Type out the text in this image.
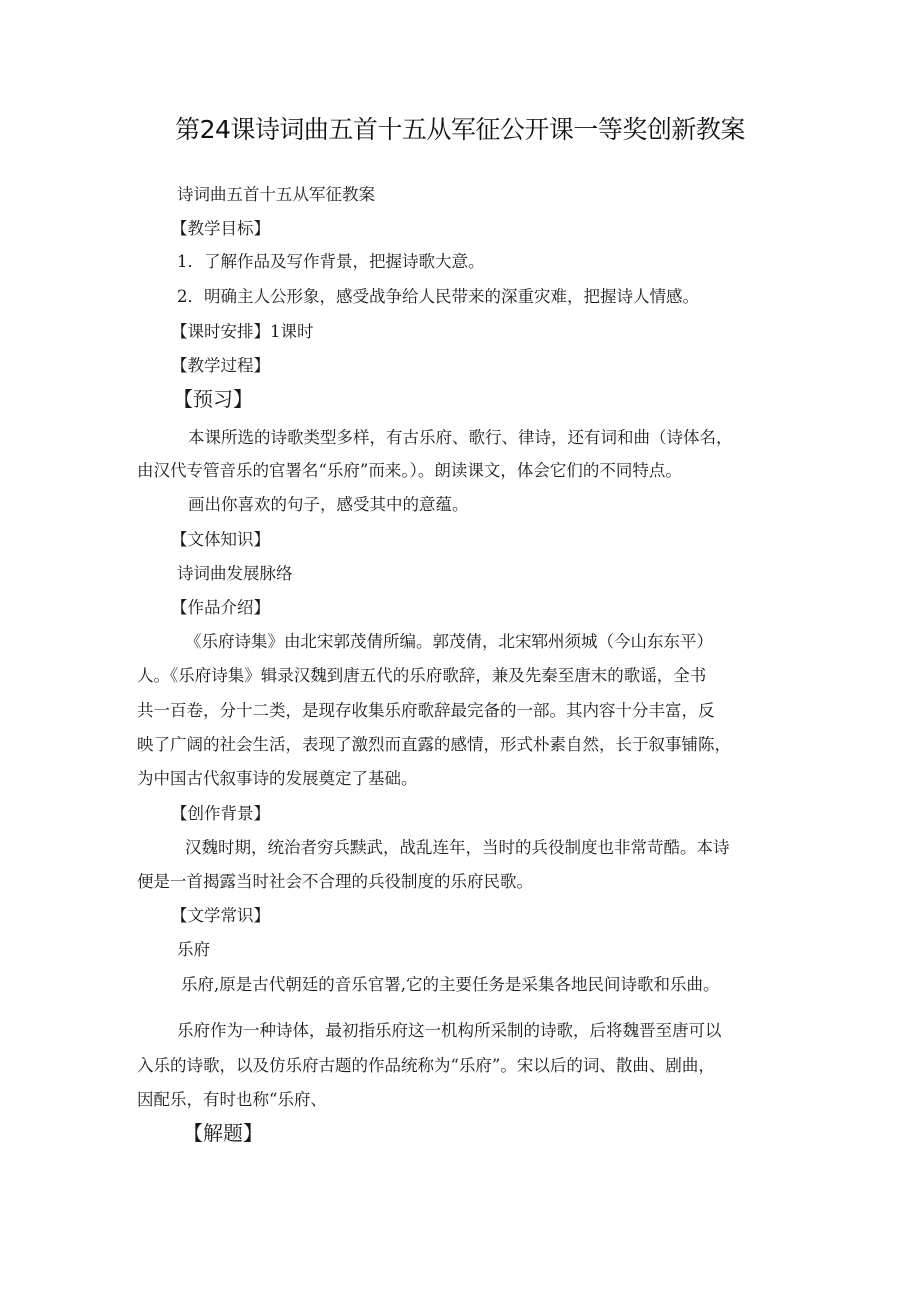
第24课诗词曲五首十五从军征公开课一等奖创新教案
诗词曲五首十五从军征教案
【教学目标】
1．了解作品及写作背景，把握诗歌大意。
2．明确主人公形象，感受战争给人民带来的深重灾难，把握诗人情感。
【课时安排】1课时
【教学过程】
【预习】
本课所选的诗歌类型多样，有古乐府、歌行、律诗，还有词和曲（诗体名，
由汉代专管音乐的官署名“乐府”而来。）。朗读课文，体会它们的不同特点。
画出你喜欢的句子，感受其中的意蕴。
【文体知识】
诗词曲发展脉络
【作品介绍】
《乐府诗集》由北宋郭茂倩所编。郭茂倩，北宋郓州须城（今山东东平）
人。《乐府诗集》辑录汉魏到唐五代的乐府歌辞，兼及先秦至唐末的歌谣，全书
共一百卷，分十二类，是现存收集乐府歌辞最完备的一部。其内容十分丰富，反
映了广阔的社会生活，表现了激烈而直露的感情，形式朴素自然，长于叙事铺陈，
为中国古代叙事诗的发展奠定了基础。
【创作背景】
汉魏时期，统治者穷兵黩武，战乱连年，当时的兵役制度也非常苛酷。本诗
便是一首揭露当时社会不合理的兵役制度的乐府民歌。
【文学常识】
乐府
乐府,原是古代朝廷的音乐官署,它的主要任务是采集各地民间诗歌和乐曲。
乐府作为一种诗体，最初指乐府这一机构所采制的诗歌，后将魏晋至唐可以
入乐的诗歌，以及仿乐府古题的作品统称为“乐府”。宋以后的词、散曲、剧曲，
因配乐，有时也称“乐府、
【解题】
